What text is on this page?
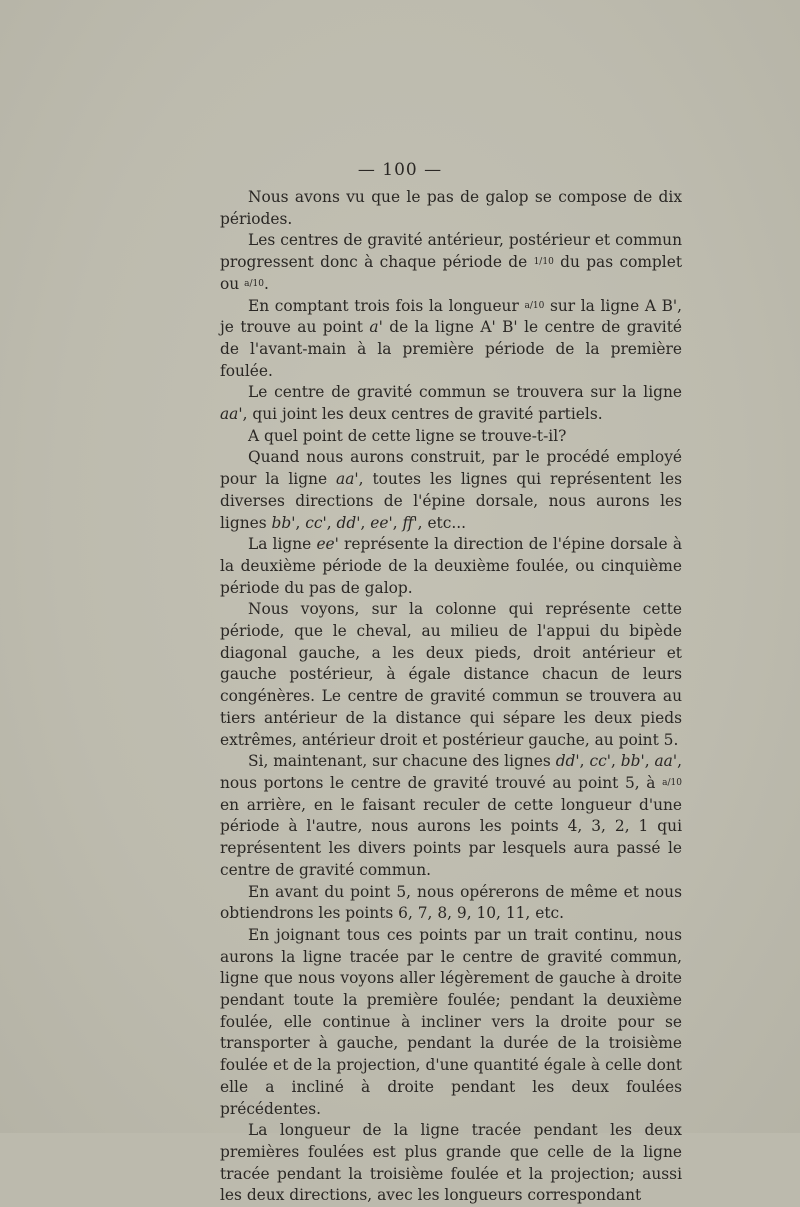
— 100 —

Nous avons vu que le pas de galop se compose de dix périodes.

Les centres de gravité antérieur, postérieur et commun progressent donc à chaque période de 1/10 du pas complet ou a/10.

En comptant trois fois la longueur a/10 sur la ligne A B', je trouve au point a' de la ligne A' B' le centre de gravité de l'avant-main à la première période de la première foulée.

Le centre de gravité commun se trouvera sur la ligne aa', qui joint les deux centres de gravité partiels.

A quel point de cette ligne se trouve-t-il?

Quand nous aurons construit, par le procédé employé pour la ligne aa', toutes les lignes qui représentent les diverses directions de l'épine dorsale, nous aurons les lignes bb', cc', dd', ee', ff', etc...

La ligne ee' représente la direction de l'épine dorsale à la deuxième période de la deuxième foulée, ou cinquième période du pas de galop.

Nous voyons, sur la colonne qui représente cette période, que le cheval, au milieu de l'appui du bipède diagonal gauche, a les deux pieds, droit antérieur et gauche postérieur, à égale distance chacun de leurs congénères. Le centre de gravité commun se trouvera au tiers antérieur de la distance qui sépare les deux pieds extrêmes, antérieur droit et postérieur gauche, au point 5.

Si, maintenant, sur chacune des lignes dd', cc', bb', aa', nous portons le centre de gravité trouvé au point 5, à a/10 en arrière, en le faisant reculer de cette longueur d'une période à l'autre, nous aurons les points 4, 3, 2, 1 qui représentent les divers points par lesquels aura passé le centre de gravité commun.

En avant du point 5, nous opérerons de même et nous obtiendrons les points 6, 7, 8, 9, 10, 11, etc.

En joignant tous ces points par un trait continu, nous aurons la ligne tracée par le centre de gravité commun, ligne que nous voyons aller légèrement de gauche à droite pendant toute la première foulée; pendant la deuxième foulée, elle continue à incliner vers la droite pour se transporter à gauche, pendant la durée de la troisième foulée et de la projection, d'une quantité égale à celle dont elle a incliné à droite pendant les deux foulées précédentes.

La longueur de la ligne tracée pendant les deux premières foulées est plus grande que celle de la ligne tracée pendant la troisième foulée et la projection; aussi les deux directions, avec les longueurs correspondant
